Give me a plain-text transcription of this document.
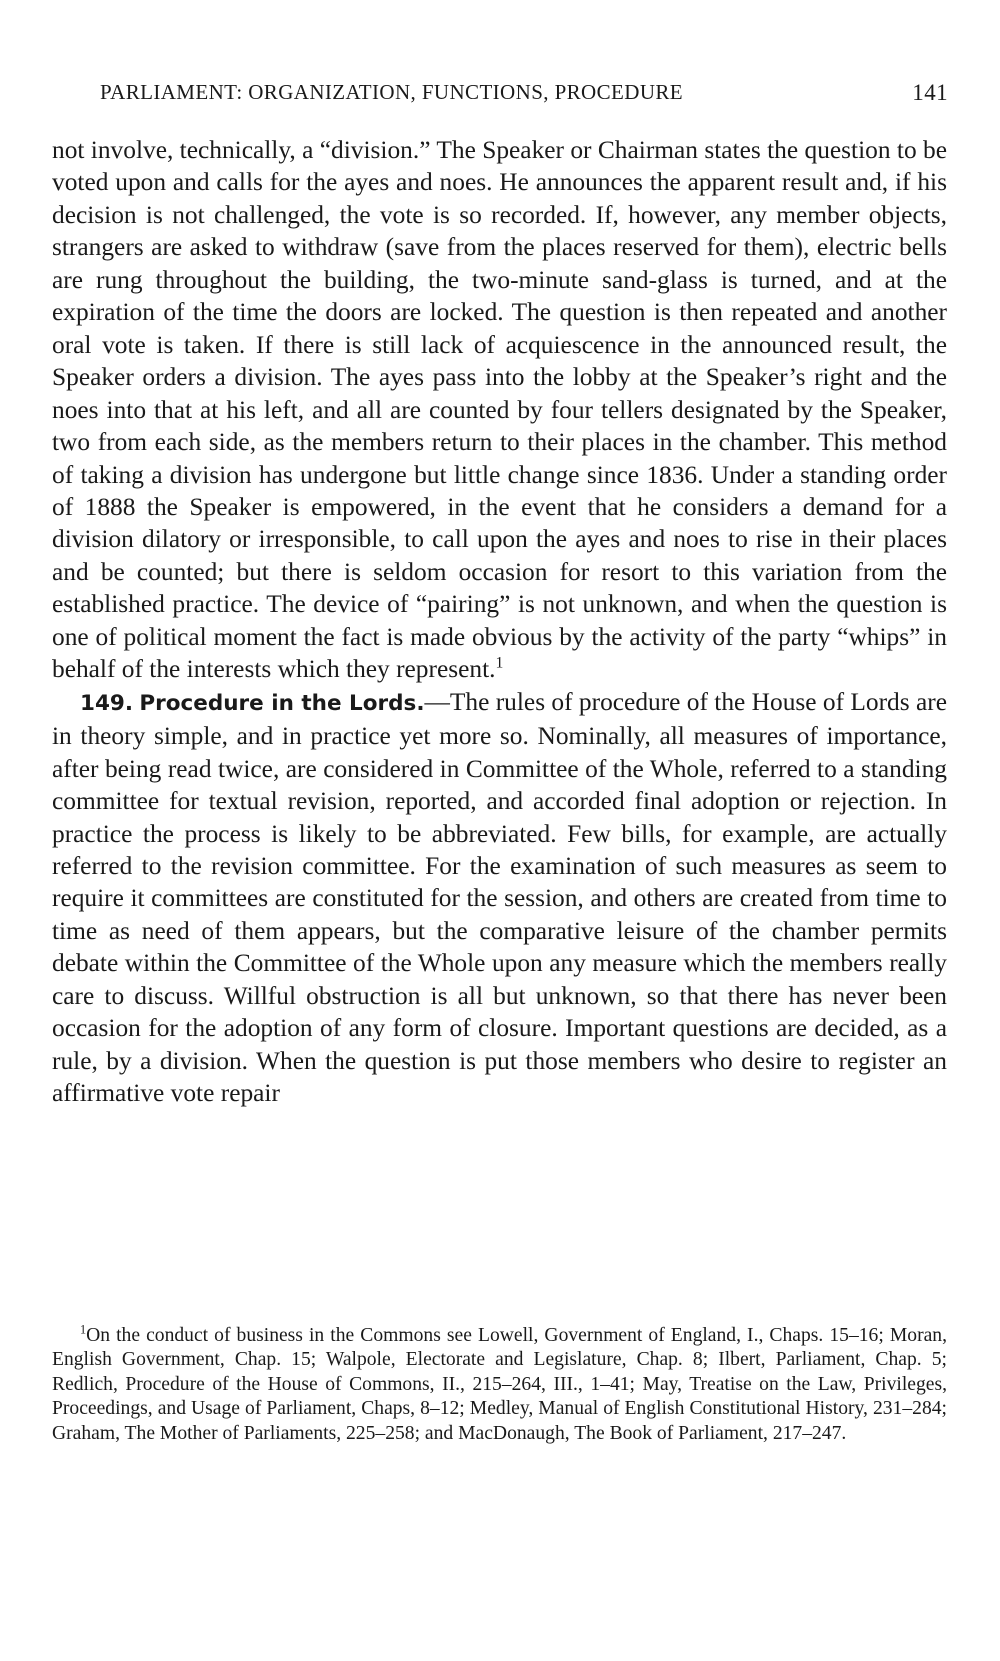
PARLIAMENT: ORGANIZATION, FUNCTIONS, PROCEDURE	141

not involve, technically, a “division.” The Speaker or Chairman states the question to be voted upon and calls for the ayes and noes. He announces the apparent result and, if his decision is not challenged, the vote is so recorded. If, however, any member objects, strangers are asked to withdraw (save from the places reserved for them), electric bells are rung throughout the building, the two-minute sand-glass is turned, and at the expiration of the time the doors are locked. The question is then repeated and another oral vote is taken. If there is still lack of acquiescence in the announced result, the Speaker orders a division. The ayes pass into the lobby at the Speaker’s right and the noes into that at his left, and all are counted by four tellers designated by the Speaker, two from each side, as the members return to their places in the chamber. This method of taking a division has undergone but little change since 1836. Under a standing order of 1888 the Speaker is empowered, in the event that he considers a demand for a division dilatory or irresponsible, to call upon the ayes and noes to rise in their places and be counted; but there is seldom occasion for resort to this variation from the established practice. The device of “pairing” is not unknown, and when the question is one of political moment the fact is made obvious by the activity of the party “whips” in behalf of the interests which they represent.$^1$

149. Procedure in the Lords.—The rules of procedure of the House of Lords are in theory simple, and in practice yet more so. Nominally, all measures of importance, after being read twice, are considered in Committee of the Whole, referred to a standing committee for textual revision, reported, and accorded final adoption or rejection. In practice the process is likely to be abbreviated. Few bills, for example, are actually referred to the revision committee. For the examination of such measures as seem to require it committees are constituted for the session, and others are created from time to time as need of them appears, but the comparative leisure of the chamber permits debate within the Committee of the Whole upon any measure which the members really care to discuss. Willful obstruction is all but unknown, so that there has never been occasion for the adoption of any form of closure. Important questions are decided, as a rule, by a division. When the question is put those members who desire to register an affirmative vote repair

$^1$On the conduct of business in the Commons see Lowell, Government of England, I., Chaps. 15–16; Moran, English Government, Chap. 15; Walpole, Electorate and Legislature, Chap. 8; Ilbert, Parliament, Chap. 5; Redlich, Procedure of the House of Commons, II., 215–264, III., 1–41; May, Treatise on the Law, Privileges, Proceedings, and Usage of Parliament, Chaps, 8–12; Medley, Manual of English Constitutional History, 231–284; Graham, The Mother of Parliaments, 225–258; and MacDonaugh, The Book of Parliament, 217–247.
